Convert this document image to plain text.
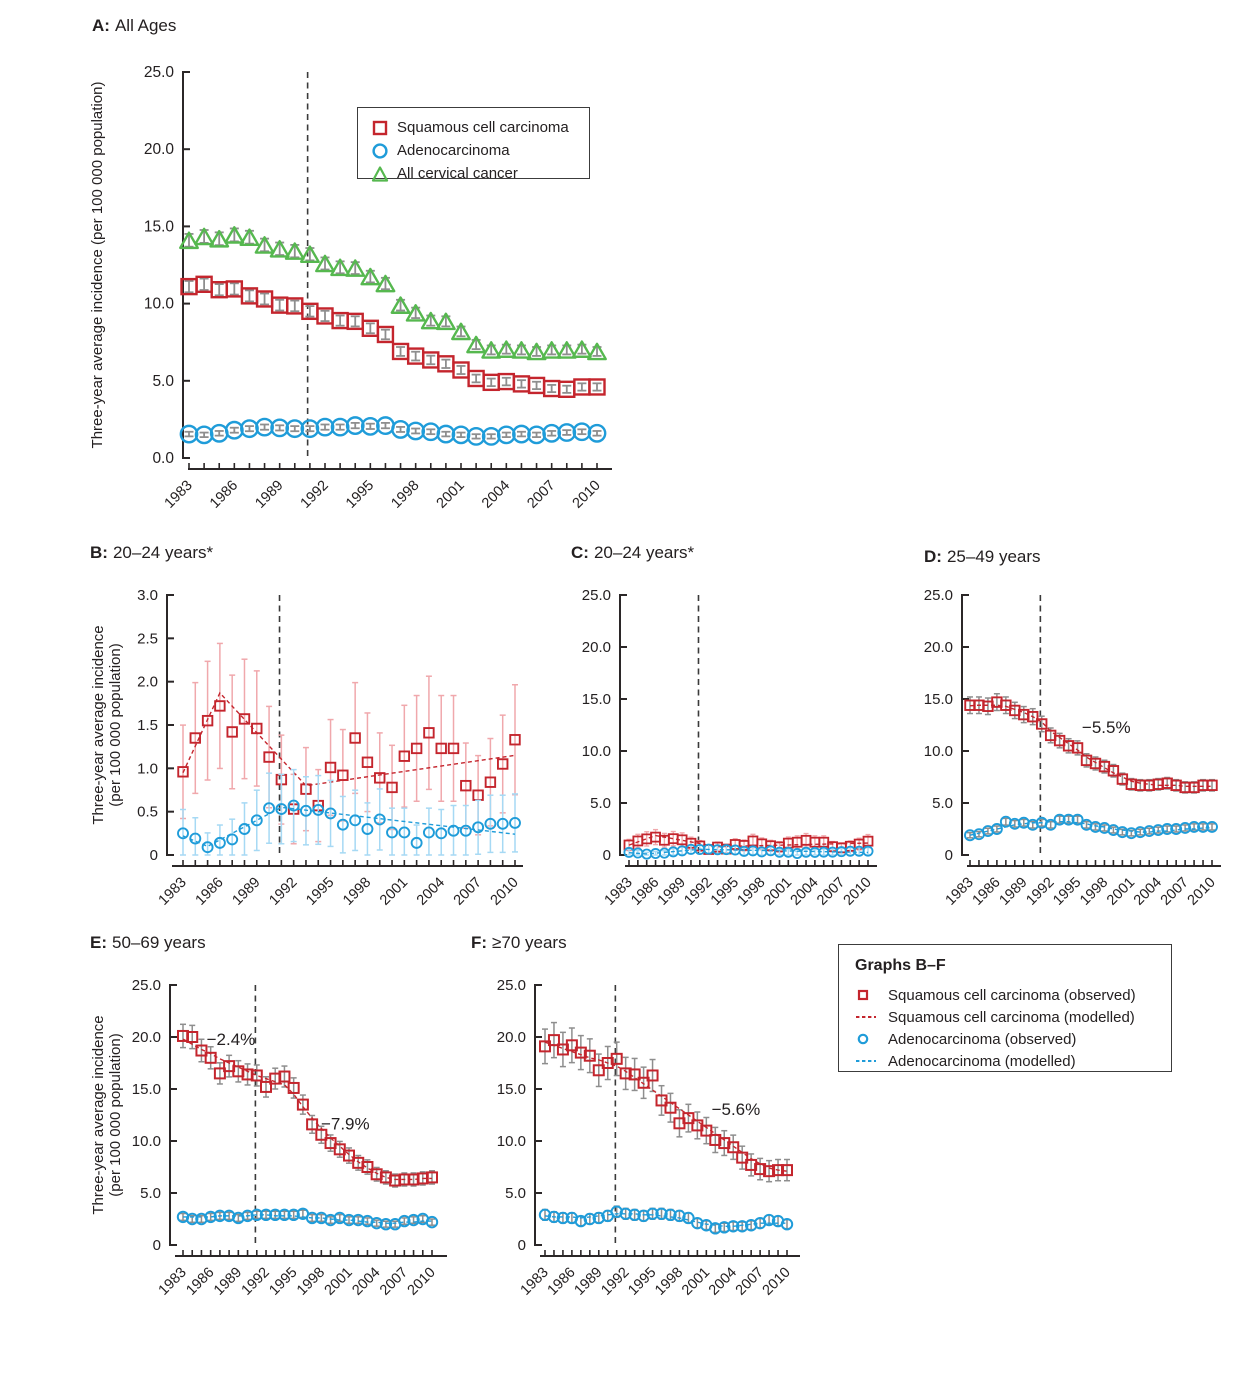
0.0
5.0
10.0
15.0
20.0
25.0
1983 1986 1989 1992 1995 1998 2001 2004 2007 2010
0
0.5
1.0
1.5
2.0
2.5
3.0
1983 1986 1989 1992 1995 1998 2001 2004 2007 2010
0
5.0
10.0
15.0
20.0
25.0
1983
1986
1989
1992
1995
1998
2001
2004
2007
2010
0
5.0
10.0
15.0
20.0
25.0
1983
1986
1989
1992
1995
1998
2001
2004
2007
2010
−5.5%
0
5.0
10.0
15.0
20.0
25.0
1983
1986
1989
1992
1995
1998
2001
2004
2007
2010
−2.4%
−7.9%
0
5.0
10.0
15.0
20.0
25.0
1983
1986
1989
1992
1995
1998
2001
2004
2007
2010
−5.6%
A: All Ages
B: 20–24 years*	C: 20–24 years*	D: 25–49 years
E: 50–69 years	F: ≥70 years
Three-year average incidence (per 100 000 population)
Three-year average incidence (per 100 000 population)
Three-year average incidence (per 100 000 population)
Squamous cell carcinoma
Adenocarcinoma
All cervical cancer
Graphs B–F
Squamous cell carcinoma (observed)
Squamous cell carcinoma (modelled)
Adenocarcinoma (observed)
Adenocarcinoma (modelled)
